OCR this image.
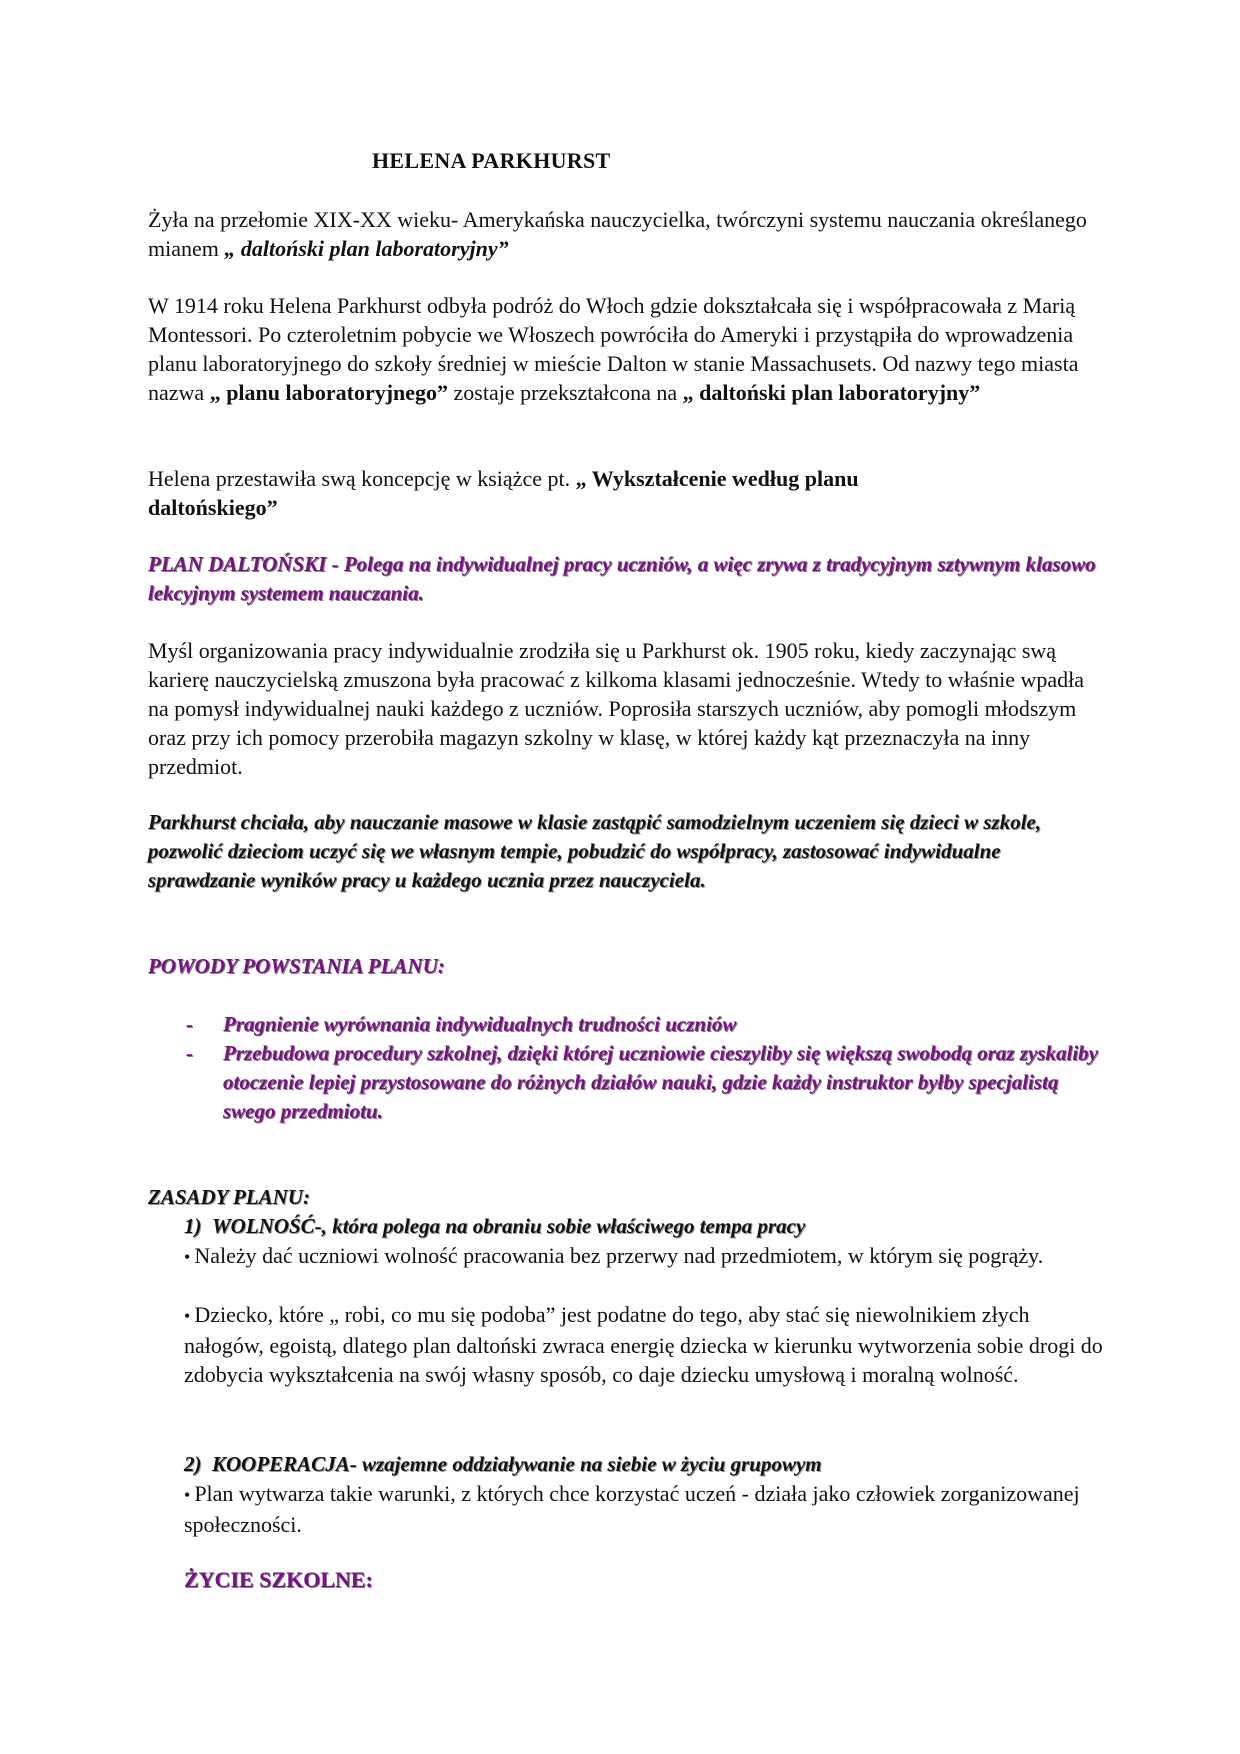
HELENA PARKHURST

Żyła na przełomie XIX-XX wieku- Amerykańska nauczycielka, twórczyni systemu nauczania określanego mianem „ daltoński plan laboratoryjny”

W 1914 roku Helena Parkhurst odbyła podróż do Włoch gdzie dokształcała się i współpracowała z Marią Montessori. Po czteroletnim pobycie we Włoszech powróciła do Ameryki i przystąpiła do wprowadzenia planu laboratoryjnego do szkoły średniej w mieście Dalton w stanie Massachusets. Od nazwy tego miasta nazwa „ planu laboratoryjnego” zostaje przekształcona na „ daltoński plan laboratoryjny”

Helena przestawiła swą koncepcję w książce pt. „ Wykształcenie według planu daltońskiego”

PLAN DALTOŃSKI - Polega na indywidualnej pracy uczniów, a więc zrywa z tradycyjnym sztywnym klasowo lekcyjnym systemem nauczania.

Myśl organizowania pracy indywidualnie zrodziła się u Parkhurst ok. 1905 roku, kiedy zaczynając swą karierę nauczycielską zmuszona była pracować z kilkoma klasami jednocześnie. Wtedy to właśnie wpadła na pomysł indywidualnej nauki każdego z uczniów. Poprosiła starszych uczniów, aby pomogli młodszym oraz przy ich pomocy przerobiła magazyn szkolny w klasę, w której każdy kąt przeznaczyła na inny przedmiot.

Parkhurst chciała, aby nauczanie masowe w klasie zastąpić samodzielnym uczeniem się dzieci w szkole, pozwolić dzieciom uczyć się we własnym tempie, pobudzić do współpracy, zastosować indywidualne sprawdzanie wyników pracy u każdego ucznia przez nauczyciela.

POWODY POWSTANIA PLANU:

- Pragnienie wyrównania indywidualnych trudności uczniów
- Przebudowa procedury szkolnej, dzięki której uczniowie cieszyliby się większą swobodą oraz zyskaliby otoczenie lepiej przystosowane do różnych działów nauki, gdzie każdy instruktor byłby specjalistą swego przedmiotu.

ZASADY PLANU:

1) WOLNOŚĆ-, która polega na obraniu sobie właściwego tempa pracy
• Należy dać uczniowi wolność pracowania bez przerwy nad przedmiotem, w którym się pogrąży.
• Dziecko, które „ robi, co mu się podoba” jest podatne do tego, aby stać się niewolnikiem złych nałogów, egoistą, dlatego plan daltoński zwraca energię dziecka w kierunku wytworzenia sobie drogi do zdobycia wykształcenia na swój własny sposób, co daje dziecku umysłową i moralną wolność.
2) KOOPERACJA- wzajemne oddziaływanie na siebie w życiu grupowym
• Plan wytwarza takie warunki, z których chce korzystać uczeń - działa jako człowiek zorganizowanej społeczności.
ŻYCIE SZKOLNE:
